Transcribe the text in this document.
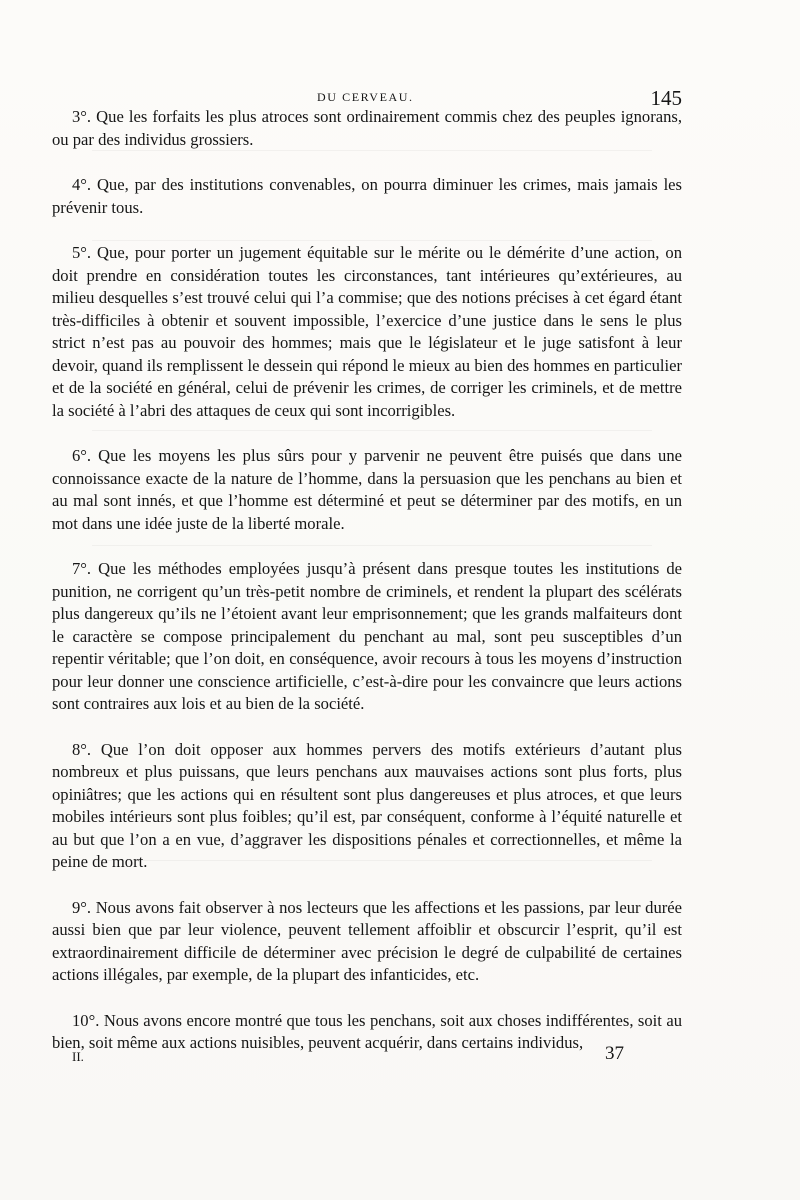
DU CERVEAU.	145

3°. Que les forfaits les plus atroces sont ordinairement commis chez des peuples ignorans, ou par des individus grossiers.

4°. Que, par des institutions convenables, on pourra diminuer les crimes, mais jamais les prévenir tous.

5°. Que, pour porter un jugement équitable sur le mérite ou le démérite d’une action, on doit prendre en considération toutes les circonstances, tant intérieures qu’extérieures, au milieu desquelles s’est trouvé celui qui l’a commise; que des notions précises à cet égard étant très-difficiles à obtenir et souvent impossible, l’exercice d’une justice dans le sens le plus strict n’est pas au pouvoir des hommes; mais que le législateur et le juge satisfont à leur devoir, quand ils remplissent le dessein qui répond le mieux au bien des hommes en particulier et de la société en général, celui de prévenir les crimes, de corriger les criminels, et de mettre la société à l’abri des attaques de ceux qui sont incorrigibles.

6°. Que les moyens les plus sûrs pour y parvenir ne peuvent être puisés que dans une connoissance exacte de la nature de l’homme, dans la persuasion que les penchans au bien et au mal sont innés, et que l’homme est déterminé et peut se déterminer par des motifs, en un mot dans une idée juste de la liberté morale.

7°. Que les méthodes employées jusqu’à présent dans presque toutes les institutions de punition, ne corrigent qu’un très-petit nombre de criminels, et rendent la plupart des scélérats plus dangereux qu’ils ne l’étoient avant leur emprisonnement; que les grands malfaiteurs dont le caractère se compose principalement du penchant au mal, sont peu susceptibles d’un repentir véritable; que l’on doit, en conséquence, avoir recours à tous les moyens d’instruction pour leur donner une conscience artificielle, c’est-à-dire pour les convaincre que leurs actions sont contraires aux lois et au bien de la société.

8°. Que l’on doit opposer aux hommes pervers des motifs extérieurs d’autant plus nombreux et plus puissans, que leurs penchans aux mauvaises actions sont plus forts, plus opiniâtres; que les actions qui en résultent sont plus dangereuses et plus atroces, et que leurs mobiles intérieurs sont plus foibles; qu’il est, par conséquent, conforme à l’équité naturelle et au but que l’on a en vue, d’aggraver les dispositions pénales et correctionnelles, et même la peine de mort.

9°. Nous avons fait observer à nos lecteurs que les affections et les passions, par leur durée aussi bien que par leur violence, peuvent tellement affoiblir et obscurcir l’esprit, qu’il est extraordinairement difficile de déterminer avec précision le degré de culpabilité de certaines actions illégales, par exemple, de la plupart des infanticides, etc.

10°. Nous avons encore montré que tous les penchans, soit aux choses indifférentes, soit au bien, soit même aux actions nuisibles, peuvent acquérir, dans certains individus,

II.	37
